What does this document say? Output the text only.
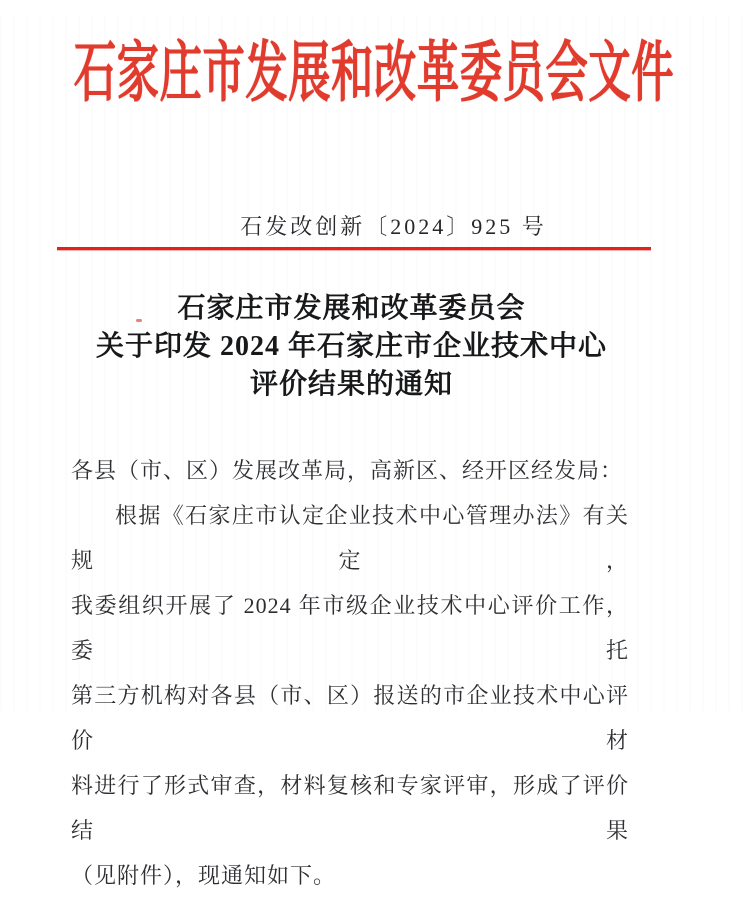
石家庄市发展和改革委员会文件
石发改创新〔2024〕925 号
石家庄市发展和改革委员会
关于印发 2024 年石家庄市企业技术中心
评价结果的通知
各县（市、区）发展改革局，高新区、经开区经发局：
根据《石家庄市认定企业技术中心管理办法》有关规定，
我委组织开展了 2024 年市级企业技术中心评价工作，委托
第三方机构对各县（市、区）报送的市企业技术中心评价材
料进行了形式审查，材料复核和专家评审，形成了评价结果
（见附件），现通知如下。
